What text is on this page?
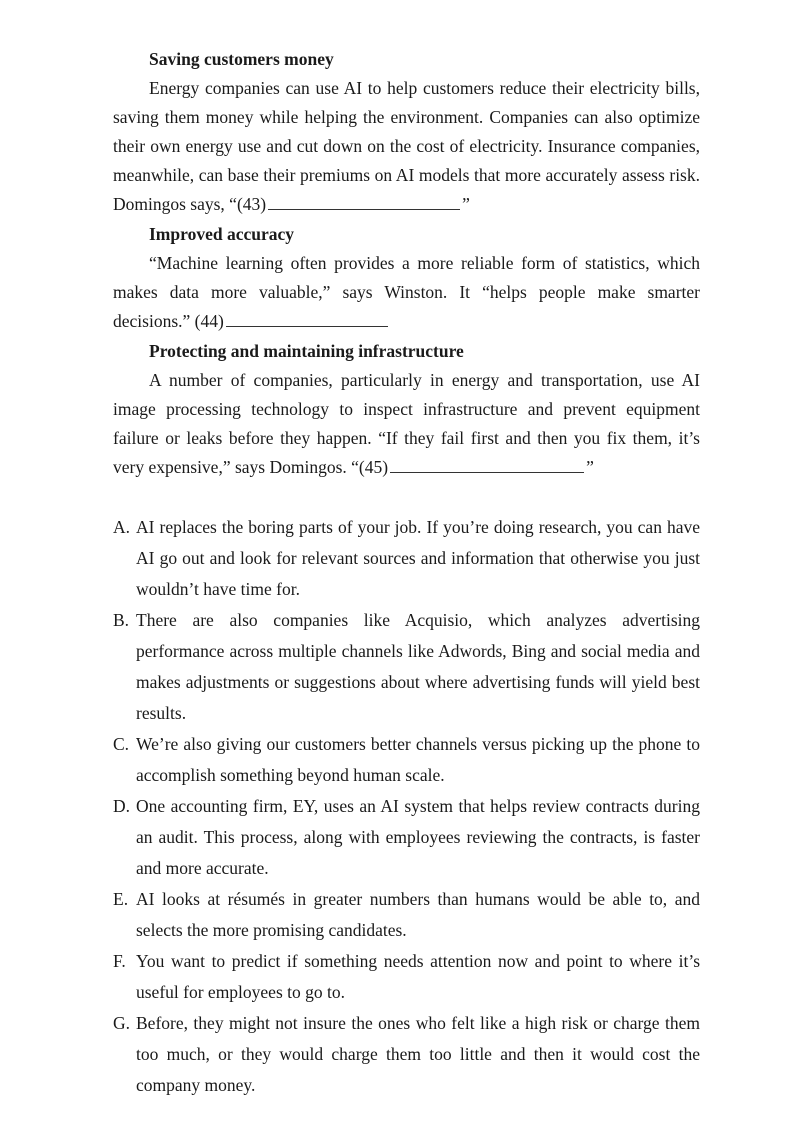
Saving customers money

Energy companies can use AI to help customers reduce their electricity bills, saving them money while helping the environment. Companies can also optimize their own energy use and cut down on the cost of electricity. Insurance companies, meanwhile, can base their premiums on AI models that more accurately assess risk. Domingos says, “(43)	”

Improved accuracy

“Machine learning often provides a more reliable form of statistics, which makes data more valuable,” says Winston. It “helps people make smarter decisions.” (44)

Protecting and maintaining infrastructure

A number of companies, particularly in energy and transportation, use AI image processing technology to inspect infrastructure and prevent equipment failure or leaks before they happen. “If they fail first and then you fix them, it’s very expensive,” says Domingos. “(45)	”

A. AI replaces the boring parts of your job. If you’re doing research, you can have AI go out and look for relevant sources and information that otherwise you just wouldn’t have time for.
B. There are also companies like Acquisio, which analyzes advertising performance across multiple channels like Adwords, Bing and social media and makes adjustments or suggestions about where advertising funds will yield best results.
C. We’re also giving our customers better channels versus picking up the phone to accomplish something beyond human scale.
D. One accounting firm, EY, uses an AI system that helps review contracts during an audit. This process, along with employees reviewing the contracts, is faster and more accurate.
E. AI looks at résumés in greater numbers than humans would be able to, and selects the more promising candidates.
F. You want to predict if something needs attention now and point to where it’s useful for employees to go to.
G. Before, they might not insure the ones who felt like a high risk or charge them too much, or they would charge them too little and then it would cost the company money.
